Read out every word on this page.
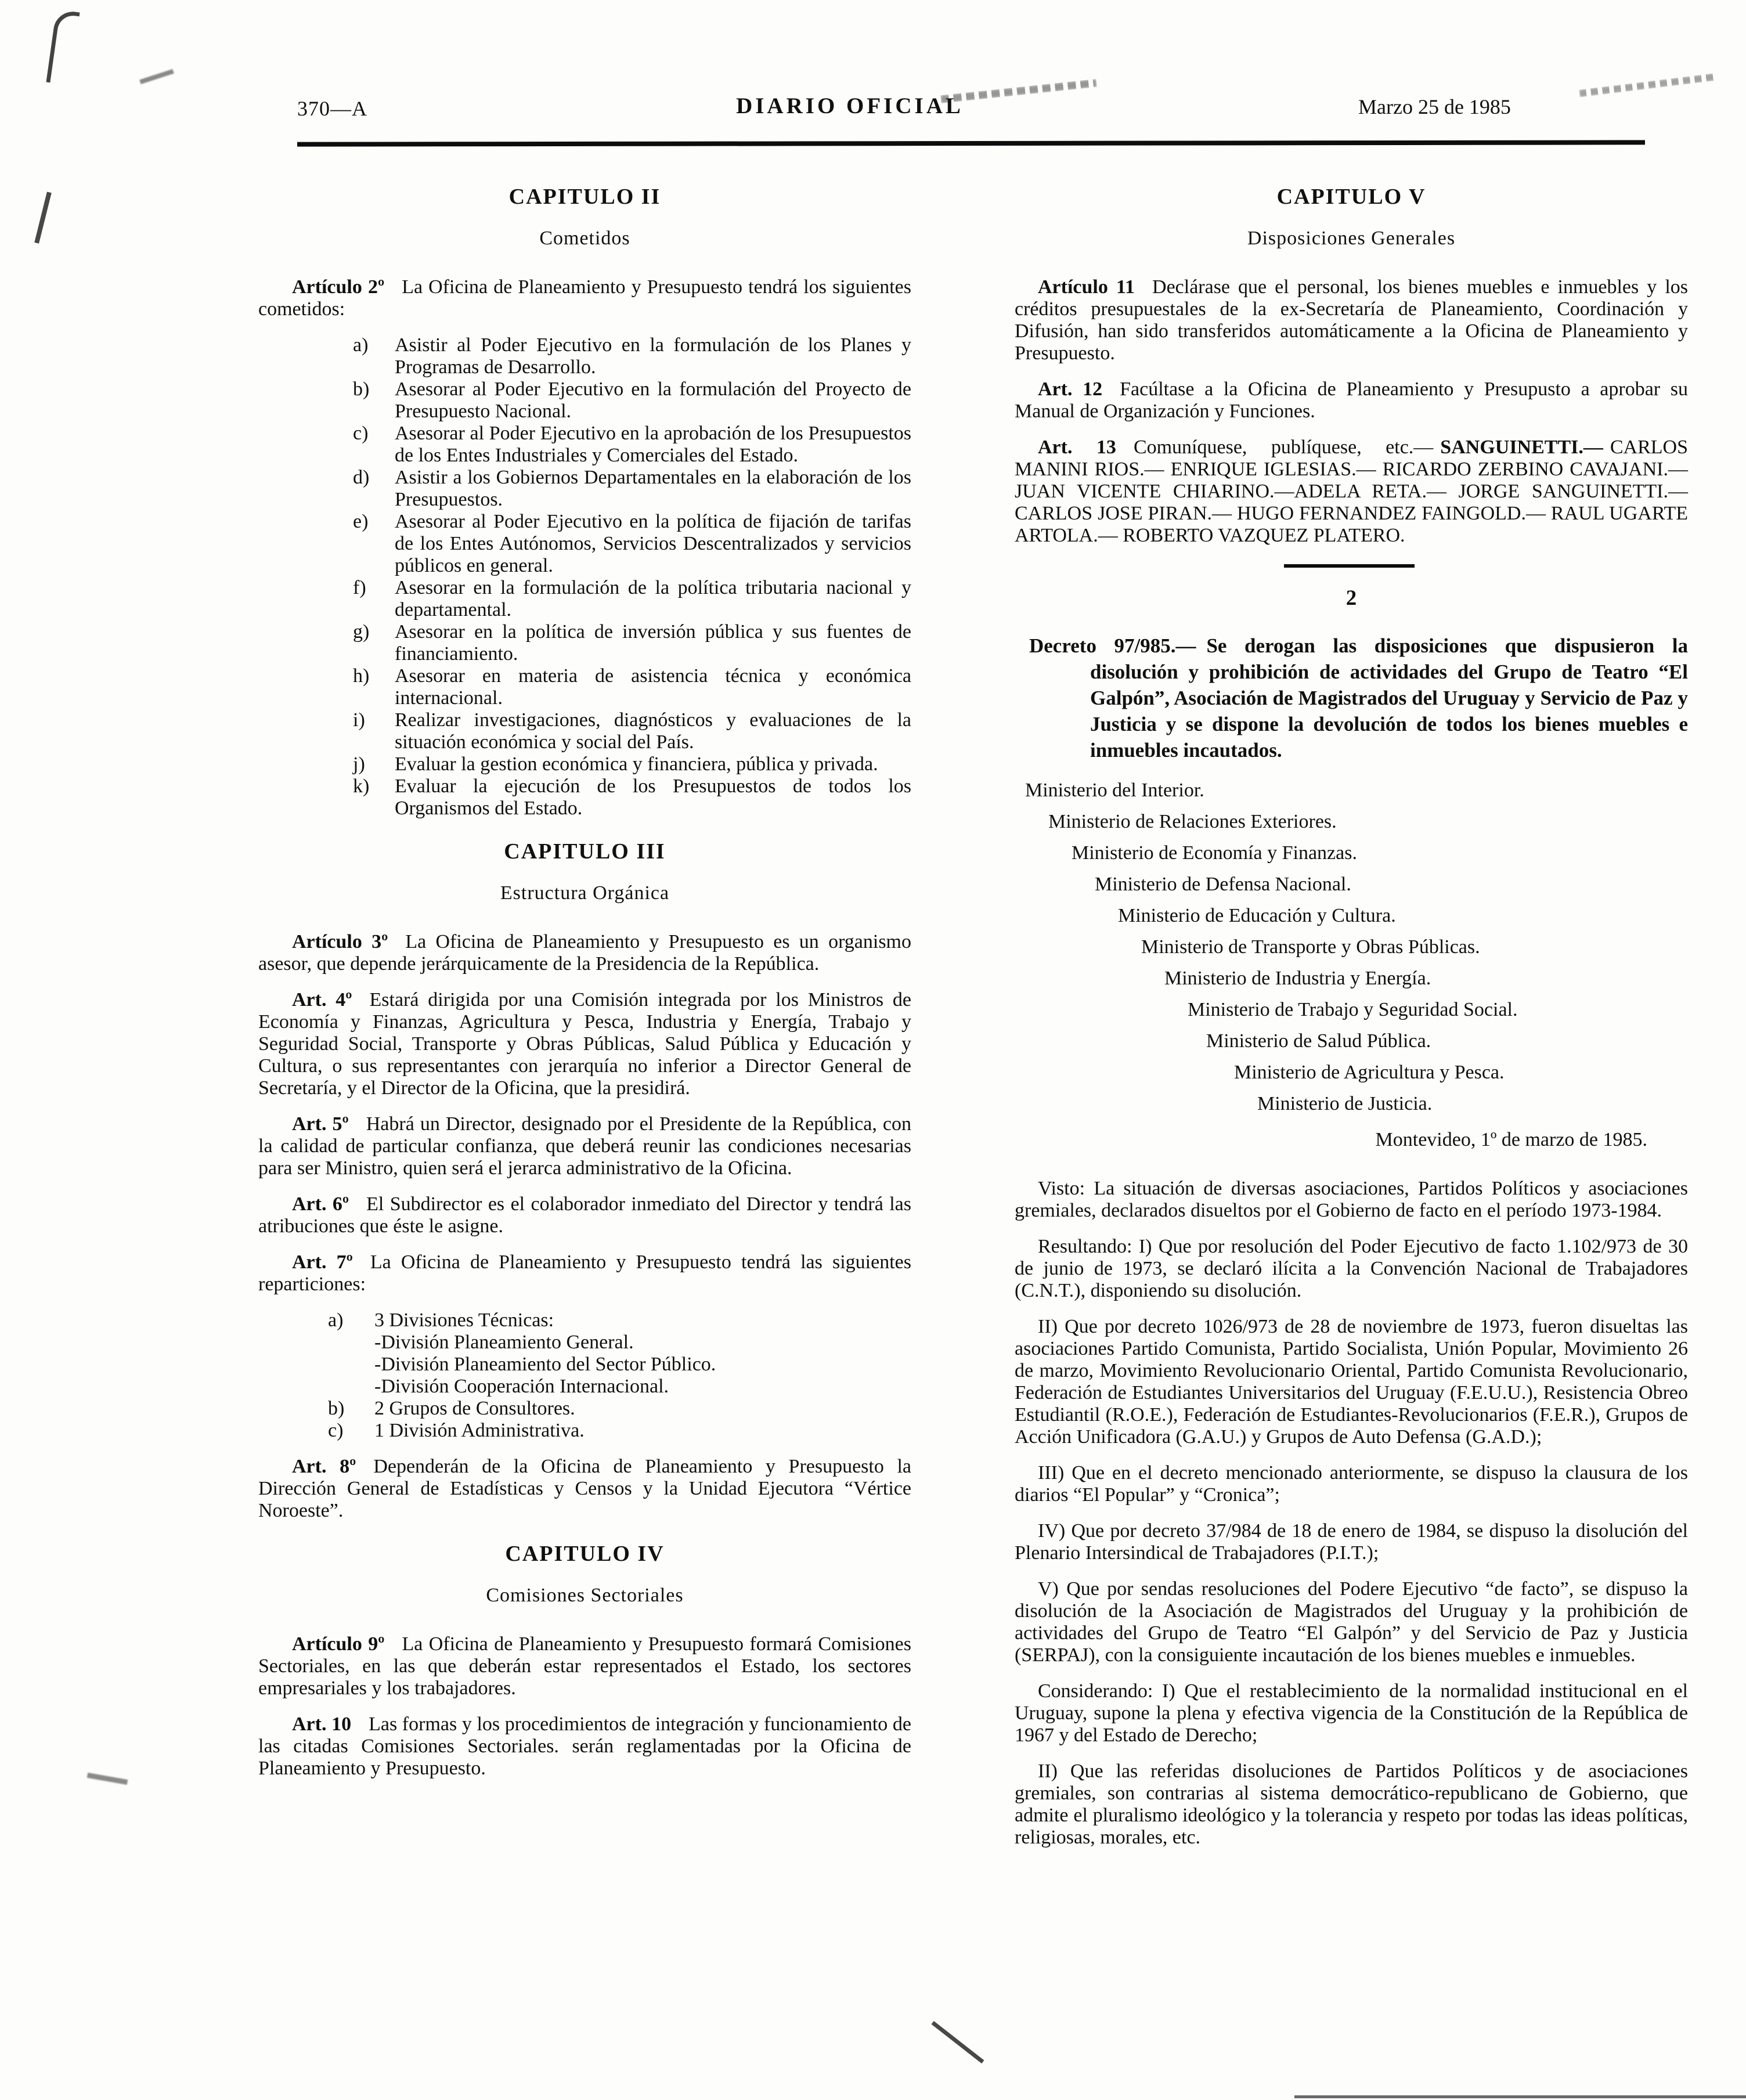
370—A	DIARIO OFICIAL	Marzo 25 de 1985
CAPITULO II
Cometidos

Artículo 2º La Oficina de Planeamiento y Presupuesto tendrá los siguientes cometidos:

a) Asistir al Poder Ejecutivo en la formulación de los Planes y Programas de Desarrollo.
b) Asesorar al Poder Ejecutivo en la formulación del Proyecto de Presupuesto Nacional.
c) Asesorar al Poder Ejecutivo en la aprobación de los Presupuestos de los Entes Industriales y Comerciales del Estado.
d) Asistir a los Gobiernos Departamentales en la elaboración de los Presupuestos.
e) Asesorar al Poder Ejecutivo en la política de fijación de tarifas de los Entes Autónomos, Servicios Descentralizados y servicios públicos en general.
f) Asesorar en la formulación de la política tributaria nacional y departamental.
g) Asesorar en la política de inversión pública y sus fuentes de financiamiento.
h) Asesorar en materia de asistencia técnica y económica internacional.
i) Realizar investigaciones, diagnósticos y evaluaciones de la situación económica y social del País.
j) Evaluar la gestion económica y financiera, pública y privada.
k) Evaluar la ejecución de los Presupuestos de todos los Organismos del Estado.
CAPITULO III
Estructura Orgánica

Artículo 3º La Oficina de Planeamiento y Presupuesto es un organismo asesor, que depende jerárquicamente de la Presidencia de la República.

Art. 4º Estará dirigida por una Comisión integrada por los Ministros de Economía y Finanzas, Agricultura y Pesca, Industria y Energía, Trabajo y Seguridad Social, Transporte y Obras Públicas, Salud Pública y Educación y Cultura, o sus representantes con jerarquía no inferior a Director General de Secretaría, y el Director de la Oficina, que la presidirá.

Art. 5º Habrá un Director, designado por el Presidente de la República, con la calidad de particular confianza, que deberá reunir las condiciones necesarias para ser Ministro, quien será el jerarca administrativo de la Oficina.

Art. 6º El Subdirector es el colaborador inmediato del Director y tendrá las atribuciones que éste le asigne.

Art. 7º La Oficina de Planeamiento y Presupuesto tendrá las siguientes reparticiones:

a) 3 Divisiones Técnicas:
-División Planeamiento General.
-División Planeamiento del Sector Público.
-División Cooperación Internacional.
b) 2 Grupos de Consultores.
c) 1 División Administrativa.

Art. 8º Dependerán de la Oficina de Planeamiento y Presupuesto la Dirección General de Estadísticas y Censos y la Unidad Ejecutora “Vértice Noroeste”.

CAPITULO IV
Comisiones Sectoriales

Artículo 9º La Oficina de Planeamiento y Presupuesto formará Comisiones Sectoriales, en las que deberán estar representados el Estado, los sectores empresariales y los trabajadores.

Art. 10 Las formas y los procedimientos de integración y funcionamiento de las citadas Comisiones Sectoriales. serán reglamentadas por la Oficina de Planeamiento y Presupuesto.

CAPITULO V
Disposiciones Generales

Artículo 11 Declárase que el personal, los bienes muebles e inmuebles y los créditos presupuestales de la ex-Secretaría de Planeamiento, Coordinación y Difusión, han sido transferidos automáticamente a la Oficina de Planeamiento y Presupuesto.

Art. 12 Facúltase a la Oficina de Planeamiento y Presupusto a aprobar su Manual de Organización y Funciones.

Art. 13 Comuníquese, publíquese, etc.— SANGUINETTI.— CARLOS MANINI RIOS.— ENRIQUE IGLESIAS.— RICARDO ZERBINO CAVAJANI.— JUAN VICENTE CHIARINO.—ADELA RETA.— JORGE SANGUINETTI.— CARLOS JOSE PIRAN.— HUGO FERNANDEZ FAINGOLD.— RAUL UGARTE ARTOLA.— ROBERTO VAZQUEZ PLATERO.

2

Decreto 97/985.— Se derogan las disposiciones que dispusieron la disolución y prohibición de actividades del Grupo de Teatro “El Galpón”, Asociación de Magistrados del Uruguay y Servicio de Paz y Justicia y se dispone la devolución de todos los bienes muebles e inmuebles incautados.

Ministerio del Interior.

Ministerio de Relaciones Exteriores.

Ministerio de Economía y Finanzas.

Ministerio de Defensa Nacional.

Ministerio de Educación y Cultura.

Ministerio de Transporte y Obras Públicas.

Ministerio de Industria y Energía.

Ministerio de Trabajo y Seguridad Social.

Ministerio de Salud Pública.

Ministerio de Agricultura y Pesca.

Ministerio de Justicia.

Montevideo, 1º de marzo de 1985.

Visto: La situación de diversas asociaciones, Partidos Políticos y asociaciones gremiales, declarados disueltos por el Gobierno de facto en el período 1973-1984.

Resultando: I) Que por resolución del Poder Ejecutivo de facto 1.102/973 de 30 de junio de 1973, se declaró ilícita a la Convención Nacional de Trabajadores (C.N.T.), disponiendo su disolución.

II) Que por decreto 1026/973 de 28 de noviembre de 1973, fueron disueltas las asociaciones Partido Comunista, Partido Socialista, Unión Popular, Movimiento 26 de marzo, Movimiento Revolucionario Oriental, Partido Comunista Revolucionario, Federación de Estudiantes Universitarios del Uruguay (F.E.U.U.), Resistencia Obreo Estudiantil (R.O.E.), Federación de Estudiantes-Revolucionarios (F.E.R.), Grupos de Acción Unificadora (G.A.U.) y Grupos de Auto Defensa (G.A.D.);

III) Que en el decreto mencionado anteriormente, se dispuso la clausura de los diarios “El Popular” y “Cronica”;

IV) Que por decreto 37/984 de 18 de enero de 1984, se dispuso la disolución del Plenario Intersindical de Trabajadores (P.I.T.);

V) Que por sendas resoluciones del Podere Ejecutivo “de facto”, se dispuso la disolución de la Asociación de Magistrados del Uruguay y la prohibición de actividades del Grupo de Teatro “El Galpón” y del Servicio de Paz y Justicia (SERPAJ), con la consiguiente incautación de los bienes muebles e inmuebles.

Considerando: I) Que el restablecimiento de la normalidad institucional en el Uruguay, supone la plena y efectiva vigencia de la Constitución de la República de 1967 y del Estado de Derecho;

II) Que las referidas disoluciones de Partidos Políticos y de asociaciones gremiales, son contrarias al sistema democrático-republicano de Gobierno, que admite el pluralismo ideológico y la tolerancia y respeto por todas las ideas políticas, religiosas, morales, etc.
